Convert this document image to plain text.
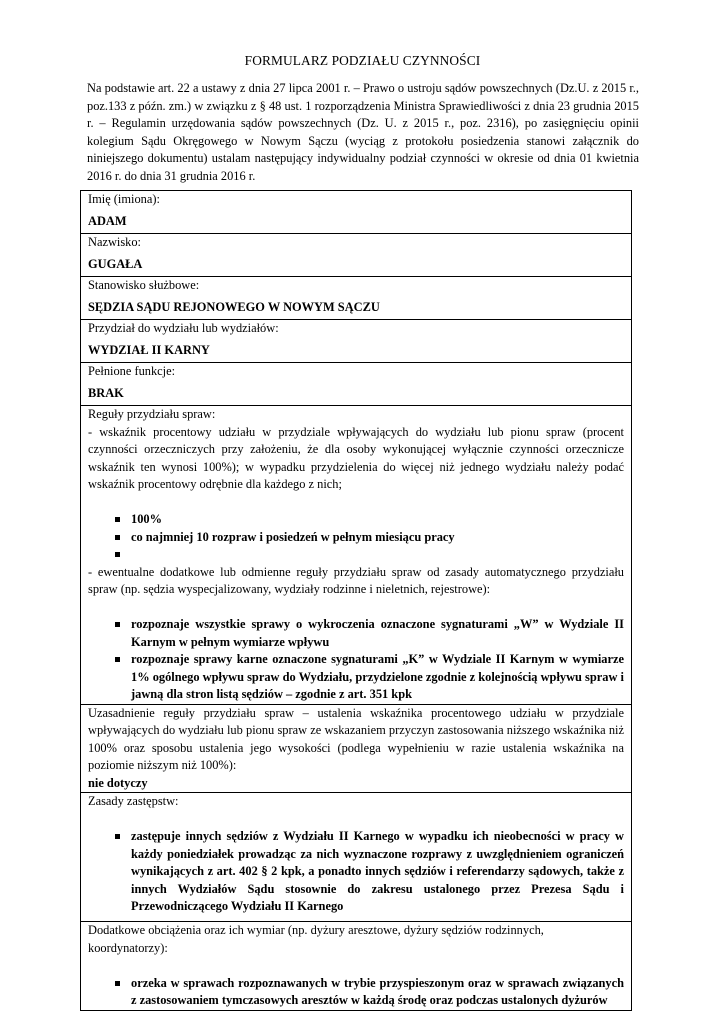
FORMULARZ PODZIAŁU CZYNNOŚCI
Na podstawie art. 22 a ustawy z dnia 27 lipca 2001 r. – Prawo o ustroju sądów powszechnych (Dz.U. z 2015 r., poz.133 z późn. zm.) w związku z § 48 ust. 1 rozporządzenia Ministra Sprawiedliwości z dnia 23 grudnia 2015 r. – Regulamin urzędowania sądów powszechnych (Dz. U. z 2015 r., poz. 2316), po zasięgnięciu opinii kolegium Sądu Okręgowego w Nowym Sączu (wyciąg z protokołu posiedzenia stanowi załącznik do niniejszego dokumentu) ustalam następujący indywidualny podział czynności w okresie od dnia 01 kwietnia 2016 r. do dnia 31 grudnia 2016 r.
Imię (imiona):
ADAM

Nazwisko:
GUGAŁA

Stanowisko służbowe:
SĘDZIA SĄDU REJONOWEGO W NOWYM SĄCZU

Przydział do wydziału lub wydziałów:
WYDZIAŁ II KARNY

Pełnione funkcje:
BRAK

Reguły przydziału spraw:
- wskaźnik procentowy udziału w przydziale wpływających do wydziału lub pionu spraw (procent czynności orzeczniczych przy założeniu, że dla osoby wykonującej wyłącznie czynności orzecznicze wskaźnik ten wynosi 100%); w wypadku przydzielenia do więcej niż jednego wydziału należy podać wskaźnik procentowy odrębnie dla każdego z nich;
100%
co najmniej 10 rozpraw i posiedzeń w pełnym miesiącu pracy
- ewentualne dodatkowe lub odmienne reguły przydziału spraw od zasady automatycznego przydziału spraw (np. sędzia wyspecjalizowany, wydziały rodzinne i nieletnich, rejestrowe):
rozpoznaje wszystkie sprawy o wykroczenia oznaczone sygnaturami „W” w Wydziale II Karnym w pełnym wymiarze wpływu
rozpoznaje sprawy karne oznaczone sygnaturami „K” w Wydziale II Karnym w wymiarze 1% ogólnego wpływu spraw do Wydziału, przydzielone zgodnie z kolejnością wpływu spraw i jawną dla stron listą sędziów – zgodnie z art. 351 kpk

Uzasadnienie reguły przydziału spraw – ustalenia wskaźnika procentowego udziału w przydziale wpływających do wydziału lub pionu spraw ze wskazaniem przyczyn zastosowania niższego wskaźnika niż 100% oraz sposobu ustalenia jego wysokości (podlega wypełnieniu w razie ustalenia wskaźnika na poziomie niższym niż 100%):
nie dotyczy

Zasady zastępstw:
zastępuje innych sędziów z Wydziału II Karnego w wypadku ich nieobecności w pracy w każdy poniedziałek prowadząc za nich wyznaczone rozprawy z uwzględnieniem ograniczeń wynikających z art. 402 § 2 kpk, a ponadto innych sędziów i referendarzy sądowych, także z innych Wydziałów Sądu stosownie do zakresu ustalonego przez Prezesa Sądu i Przewodniczącego Wydziału II Karnego

Dodatkowe obciążenia oraz ich wymiar (np. dyżury aresztowe, dyżury sędziów rodzinnych, koordynatorzy):
orzeka w sprawach rozpoznawanych w trybie przyspieszonym oraz w sprawach związanych z zastosowaniem tymczasowych aresztów w każdą środę oraz podczas ustalonych dyżurów
